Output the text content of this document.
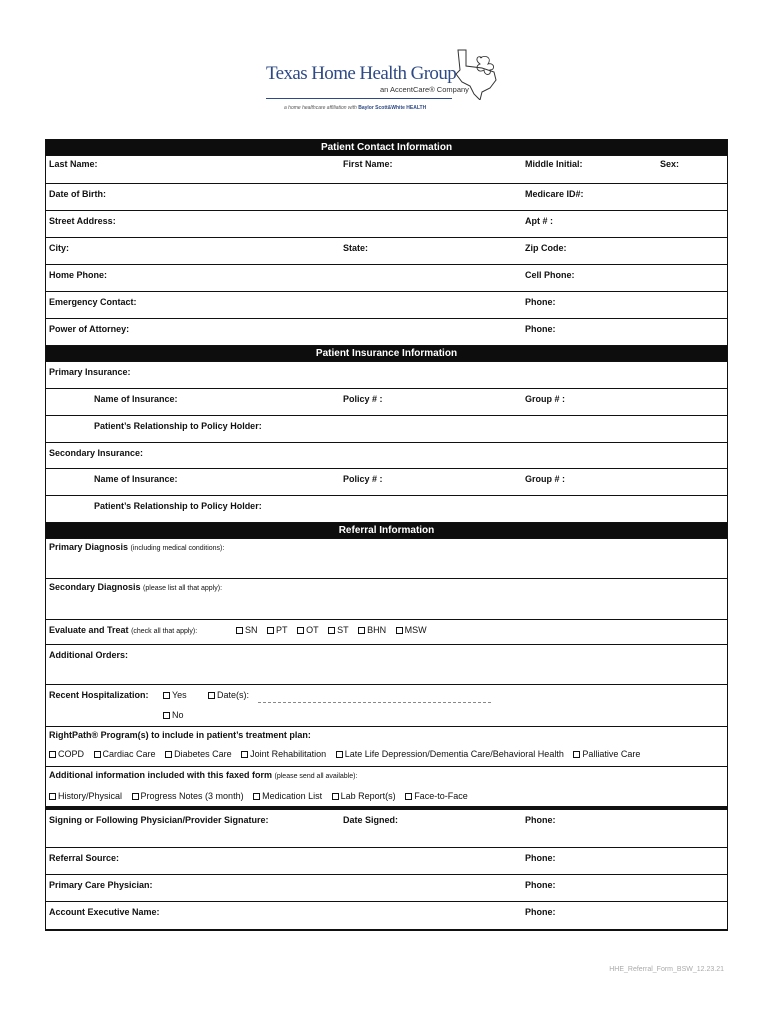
Texas Home Health Group
an AccentCare® Company
a home healthcare affiliation with Baylor Scott&White HEALTH
Patient Contact Information
Last Name:	First Name:	Middle Initial:	Sex:
Date of Birth:	Medicare ID#:
Street Address:	Apt # :
City:	State:	Zip Code:
Home Phone:	Cell Phone:
Emergency Contact:	Phone:
Power of Attorney:	Phone:
Patient Insurance Information
Primary Insurance:
Name of Insurance:	Policy # :	Group # :
Patient’s Relationship to Policy Holder:
Secondary Insurance:
Name of Insurance:	Policy # :	Group # :
Patient’s Relationship to Policy Holder:
Referral Information
Primary Diagnosis (including medical conditions):
Secondary Diagnosis (please list all that apply):
Evaluate and Treat (check all that apply):	SN PT OT ST BHN MSW
Additional Orders:
Recent Hospitalization:	Yes	Date(s):
No
RightPath® Program(s) to include in patient’s treatment plan:
COPD Cardiac Care Diabetes Care Joint Rehabilitation Late Life Depression/Dementia Care/Behavioral Health Palliative Care
Additional information included with this faxed form (please send all available):
History/Physical Progress Notes (3 month) Medication List Lab Report(s) Face-to-Face
Signing or Following Physician/Provider Signature:	Date Signed:	Phone:
Referral Source:	Phone:
Primary Care Physician:	Phone:
Account Executive Name:	Phone:
HHE_Referral_Form_BSW_12.23.21
